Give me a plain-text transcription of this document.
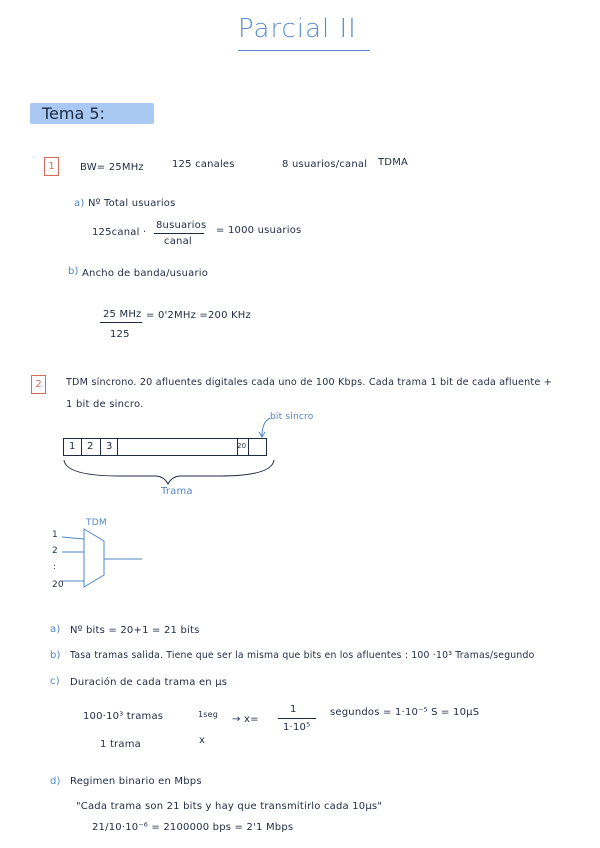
Parcial II
Tema 5:
1	BW= 25MHz	125 canales	8 usuarios/canal TDMA
a) Nº Total usuarios
125canal ·
8usuarios
canal
= 1000 usuarios
b) Ancho de banda/usuario
25 MHz
125
= 0'2MHz =200 KHz
2	TDM síncrono. 20 afluentes digitales cada uno de 100 Kbps. Cada trama 1 bit de cada afluente +
1 bit de sincro.
bit sincro
1 2 3	20
Trama
TDM
1
2
:
20
a) Nº bits = 20+1 = 21 bits
b) Tasa tramas salida. Tiene que ser la misma que bits en los afluentes : 100 ·10³ Tramas/segundo
c) Duración de cada trama en µs
100·10³ tramas	1seg → x=
1
1·10⁵
segundos = 1·10⁻⁵ S = 10µS
1 trama	x
d) Regimen binario en Mbps
"Cada trama son 21 bits y hay que transmitirlo cada 10µs"
21/10·10⁻⁶ = 2100000 bps = 2'1 Mbps
